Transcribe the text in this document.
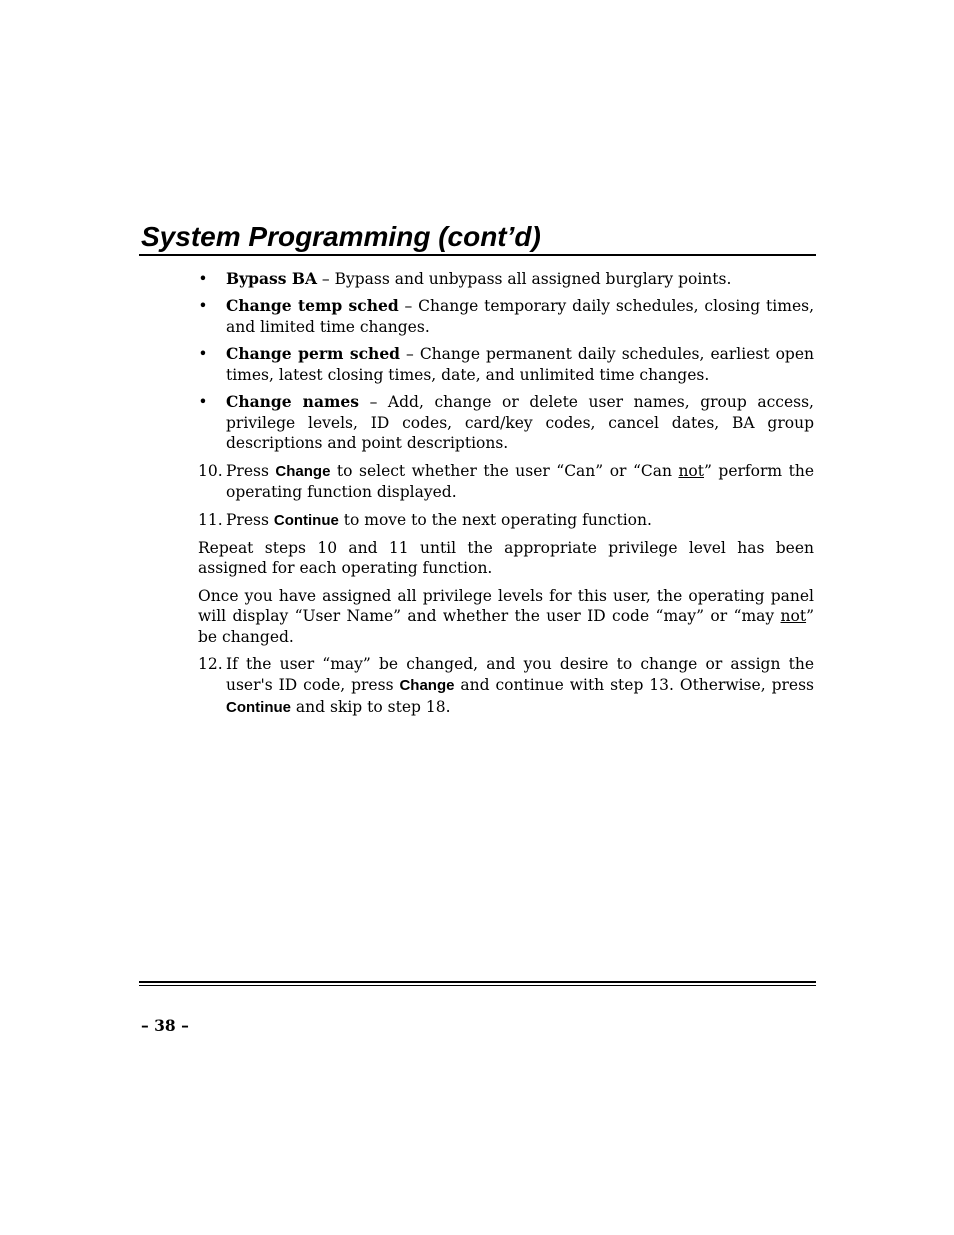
System Programming (cont’d)
• Bypass BA – Bypass and unbypass all assigned burglary points.
• Change temp sched – Change temporary daily schedules, closing times, and limited time changes.
• Change perm sched – Change permanent daily schedules, earliest open times, latest closing times, date, and unlimited time changes.
• Change names – Add, change or delete user names, group access, privilege levels, ID codes, card/key codes, cancel dates, BA group descriptions and point descriptions.
10. Press Change to select whether the user “Can” or “Can not” perform the operating function displayed.
11. Press Continue to move to the next operating function.

Repeat steps 10 and 11 until the appropriate privilege level has been assigned for each operating function.

Once you have assigned all privilege levels for this user, the operating panel will display “User Name” and whether the user ID code “may” or “may not” be changed.

12. If the user “may” be changed, and you desire to change or assign the user's ID code, press Change and continue with step 13. Otherwise, press Continue and skip to step 18.
– 38 –
